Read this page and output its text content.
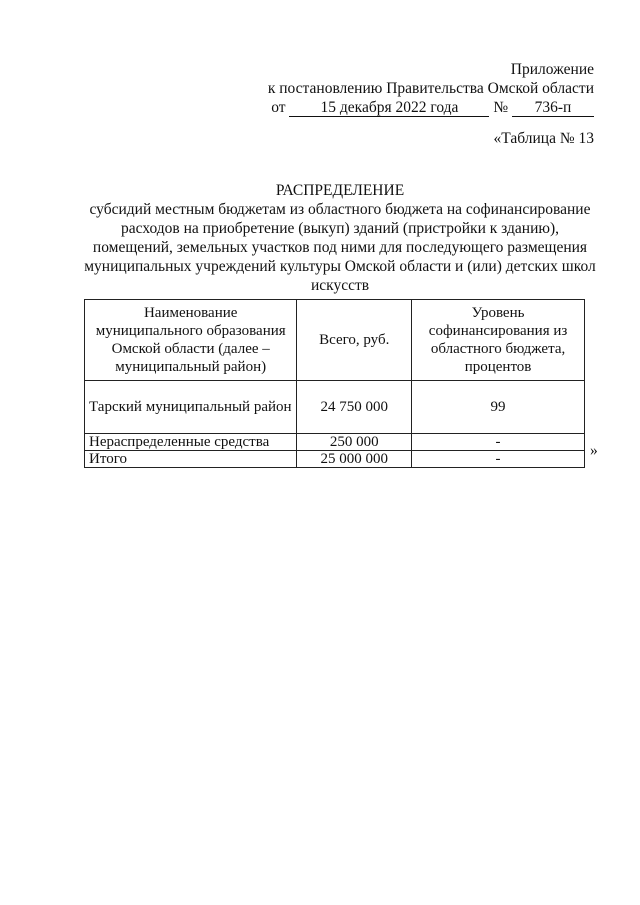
Приложение
к постановлению Правительства Омской области
от 15 декабря 2022 года № 736-п
«Таблица № 13
РАСПРЕДЕЛЕНИЕ
субсидий местным бюджетам из областного бюджета на софинансирование расходов на приобретение (выкуп) зданий (пристройки к зданию), помещений, земельных участков под ними для последующего размещения муниципальных учреждений культуры Омской области и (или) детских школ искусств
Наименование муниципального образования Омской области (далее – муниципальный район)	Всего, руб.	Уровень софинансирования из областного бюджета, процентов
Тарский муниципальный район	24 750 000	99
Нераспределенные средства	250 000	-
Итого	25 000 000	-	»
